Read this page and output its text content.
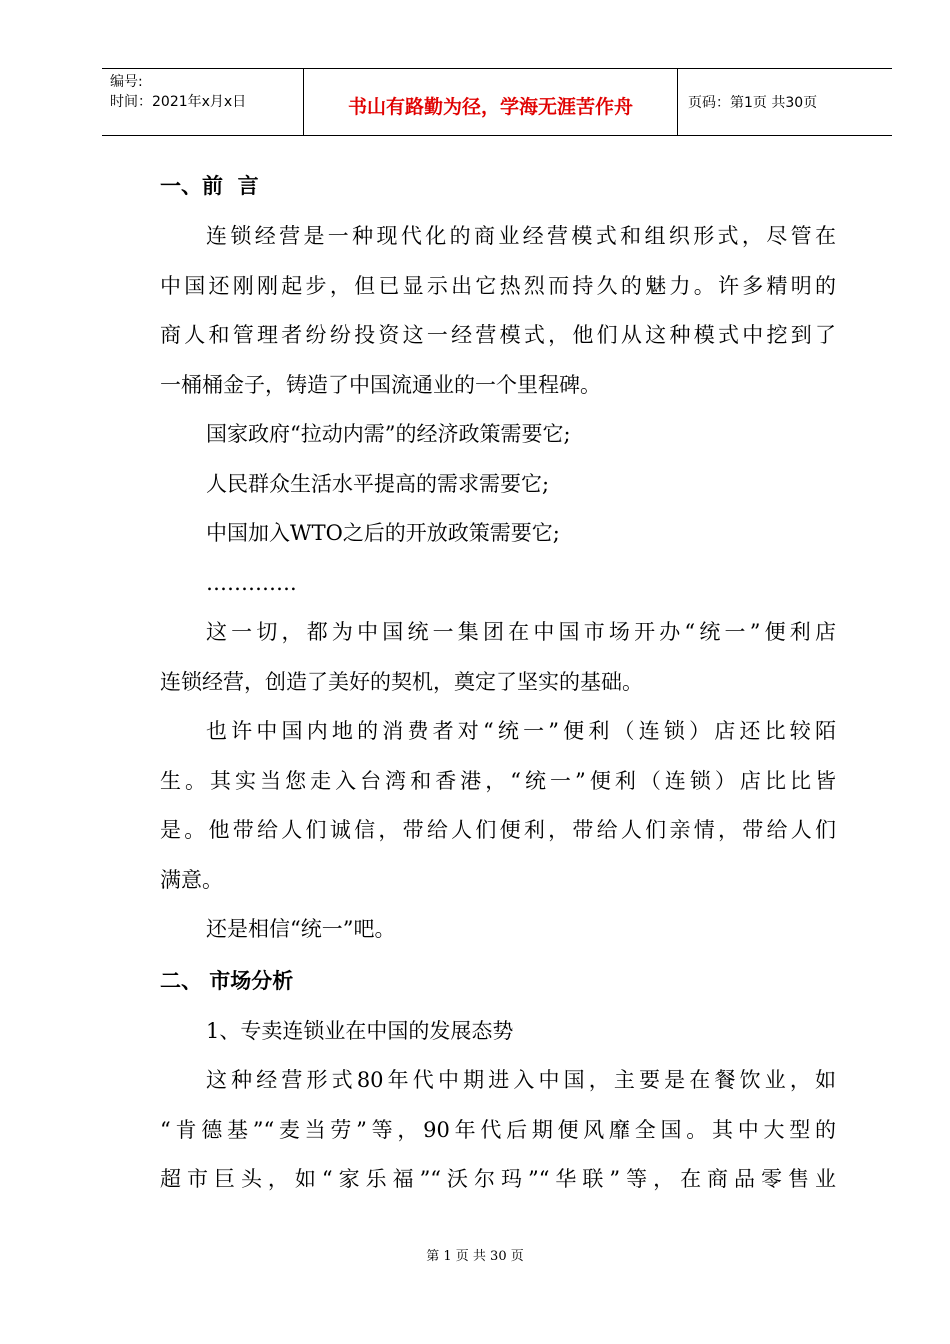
编号:
时间：2021年x月x日	书山有路勤为径，学海无涯苦作舟	页码：第1页 共30页
一、前  言
连锁经营是一种现代化的商业经营模式和组织形式，尽管在
中国还刚刚起步，但已显示出它热烈而持久的魅力。许多精明的
商人和管理者纷纷投资这一经营模式，他们从这种模式中挖到了
一桶桶金子，铸造了中国流通业的一个里程碑。
国家政府“拉动内需”的经济政策需要它;
人民群众生活水平提高的需求需要它;
中国加入WTO之后的开放政策需要它;
………….
这一切，都为中国统一集团在中国市场开办“统一”便利店
连锁经营，创造了美好的契机，奠定了坚实的基础。
也许中国内地的消费者对“统一”便利（连锁）店还比较陌
生。其实当您走入台湾和香港，“统一”便利（连锁）店比比皆
是。他带给人们诚信，带给人们便利，带给人们亲情，带给人们
满意。
还是相信“统一”吧。
二、 市场分析
1、专卖连锁业在中国的发展态势
这种经营形式80年代中期进入中国，主要是在餐饮业，如
“肯德基”“麦当劳”等，90年代后期便风靡全国。其中大型的
超市巨头，如“家乐福”“沃尔玛”“华联”等，在商品零售业
第 1 页 共 30 页
